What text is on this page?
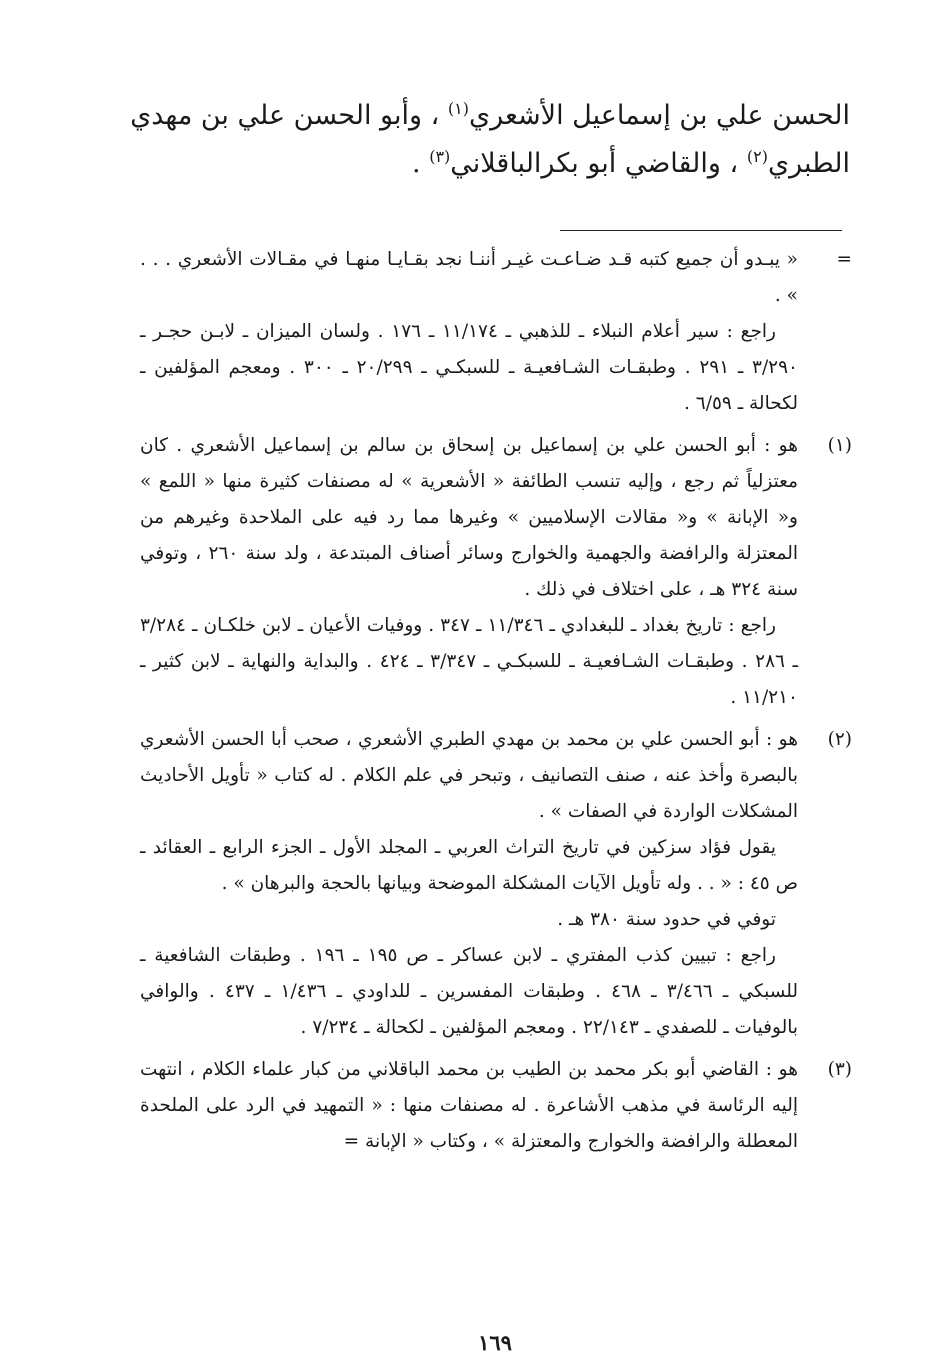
الحسن علي بن إسماعيل الأشعري$^{(١)}$ ، وأبو الحسن علي بن مهدي
الطبري$^{(٢)}$ ، والقاضي أبو بكرالباقلاني$^{(٣)}$ .
=

« يبـدو أن جميع كتبه قـد ضـاعـت غيـر أننـا نجد بقـايـا منهـا في مقـالات الأشعري . . . » .

راجع : سير أعلام النبلاء ـ للذهبي ـ ١١/١٧٤ ـ ١٧٦ . ولسان الميزان ـ لابـن حجـر ـ ٣/٢٩٠ ـ ٢٩١ . وطبقـات الشـافعيـة ـ للسبكـي ـ ٢٠/٢٩٩ ـ ٣٠٠ . ومعجم المؤلفين ـ لكحالة ـ ٦/٥٩ .

(١)

هو : أبو الحسن علي بن إسماعيل بن إسحاق بن سالم بن إسماعيل الأشعري . كان معتزلياً ثم رجع ، وإليه تنسب الطائفة « الأشعرية » له مصنفات كثيرة منها « اللمع » و« الإبانة » و« مقالات الإسلاميين » وغيرها مما رد فيه على الملاحدة وغيرهم من المعتزلة والرافضة والجهمية والخوارج وسائر أصناف المبتدعة ، ولد سنة ٢٦٠ ، وتوفي سنة ٣٢٤ هـ ، على اختلاف في ذلك .

راجع : تاريخ بغداد ـ للبغدادي ـ ١١/٣٤٦ ـ ٣٤٧ . ووفيات الأعيان ـ لابن خلكـان ـ ٣/٢٨٤ ـ ٢٨٦ . وطبقـات الشـافعيـة ـ للسبكـي ـ ٣/٣٤٧ ـ ٤٢٤ . والبداية والنهاية ـ لابن كثير ـ ١١/٢١٠ .

(٢)

هو : أبو الحسن علي بن محمد بن مهدي الطبري الأشعري ، صحب أبا الحسن الأشعري بالبصرة وأخذ عنه ، صنف التصانيف ، وتبحر في علم الكلام . له كتاب « تأويل الأحاديث المشكلات الواردة في الصفات » .

يقول فؤاد سزكين في تاريخ التراث العربي ـ المجلد الأول ـ الجزء الرابع ـ العقائد ـ ص ٤٥ : « . . وله تأويل الآيات المشكلة الموضحة وبيانها بالحجة والبرهان » .

توفي في حدود سنة ٣٨٠ هـ .

راجع : تبيين كذب المفتري ـ لابن عساكر ـ ص ١٩٥ ـ ١٩٦ . وطبقات الشافعية ـ للسبكي ـ ٣/٤٦٦ ـ ٤٦٨ . وطبقات المفسرين ـ للداودي ـ ١/٤٣٦ ـ ٤٣٧ . والوافي بالوفيات ـ للصفدي ـ ٢٢/١٤٣ . ومعجم المؤلفين ـ لكحالة ـ ٧/٢٣٤ .

(٣)

هو : القاضي أبو بكر محمد بن الطيب بن محمد الباقلاني من كبار علماء الكلام ، انتهت إليه الرئاسة في مذهب الأشاعرة . له مصنفات منها : « التمهيد في الرد على الملحدة المعطلة والرافضة والخوارج والمعتزلة » ، وكتاب « الإبانة =

١٦٩
